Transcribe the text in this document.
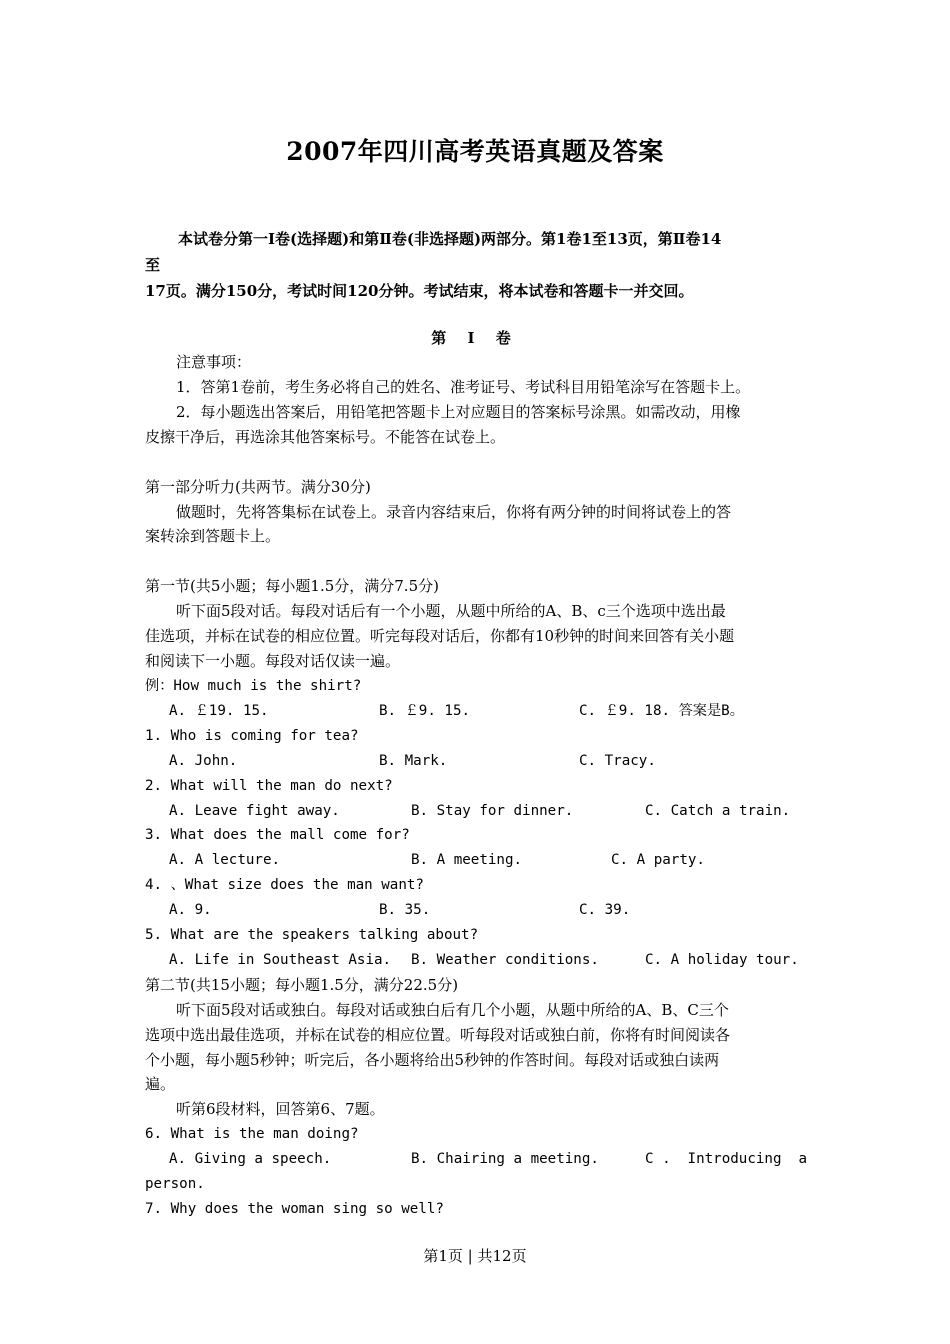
2007年四川高考英语真题及答案

本试卷分第一Ⅰ卷(选择题)和第Ⅱ卷(非选择题)两部分。第1卷1至13页，第Ⅱ卷14

至

17页。满分150分，考试时间120分钟。考试结束，将本试卷和答题卡一并交回。

第 Ⅰ 卷

注意事项：

1．答第1卷前，考生务必将自己的姓名、准考证号、考试科目用铅笔涂写在答题卡上。

2．每小题选出答案后，用铅笔把答题卡上对应题目的答案标号涂黑。如需改动，用橡

皮擦干净后，再选涂其他答案标号。不能答在试卷上。

第一部分听力(共两节。满分30分)

做题时，先将答集标在试卷上。录音内容结束后，你将有两分钟的时间将试卷上的答

案转涂到答题卡上。

第一节(共5小题；每小题1.5分，满分7.5分)

听下面5段对话。每段对话后有一个小题，从题中所给的A、B、c三个选项中选出最

佳选项，并标在试卷的相应位置。听完每段对话后，你都有10秒钟的时间来回答有关小题

和阅读下一小题。每段对话仅读一遍。

例：How much is the shirt?

A. ￡19. 15.	B. ￡9. 15.	C. ￡9. 18. 答案是B。

1. Who is coming for tea?

A. John.	B. Mark.	C. Tracy.

2. What will the man do next?

A. Leave fight away.	B. Stay for dinner.	C. Catch a train.

3. What does the mall come for?

A. A lecture.	B. A meeting.	C. A party.

4. 、What size does the man want?

A. 9.	B. 35.	C. 39.

5. What are the speakers talking about?

A. Life in Southeast Asia.	B. Weather conditions.	C. A holiday tour.

第二节(共15小题；每小题1.5分，满分22.5分)

听下面5段对话或独白。每段对话或独白后有几个小题，从题中所给的A、B、C三个

选项中选出最佳选项，并标在试卷的相应位置。听每段对话或独白前，你将有时间阅读各

个小题，每小题5秒钟；听完后，各小题将给出5秒钟的作答时间。每段对话或独白读两

遍。

听第6段材料，回答第6、7题。

6. What is the man doing?

A. Giving a speech.	B. Chairing a meeting.	C . Introducing a

person.

7. Why does the woman sing so well?

第1页 | 共12页
